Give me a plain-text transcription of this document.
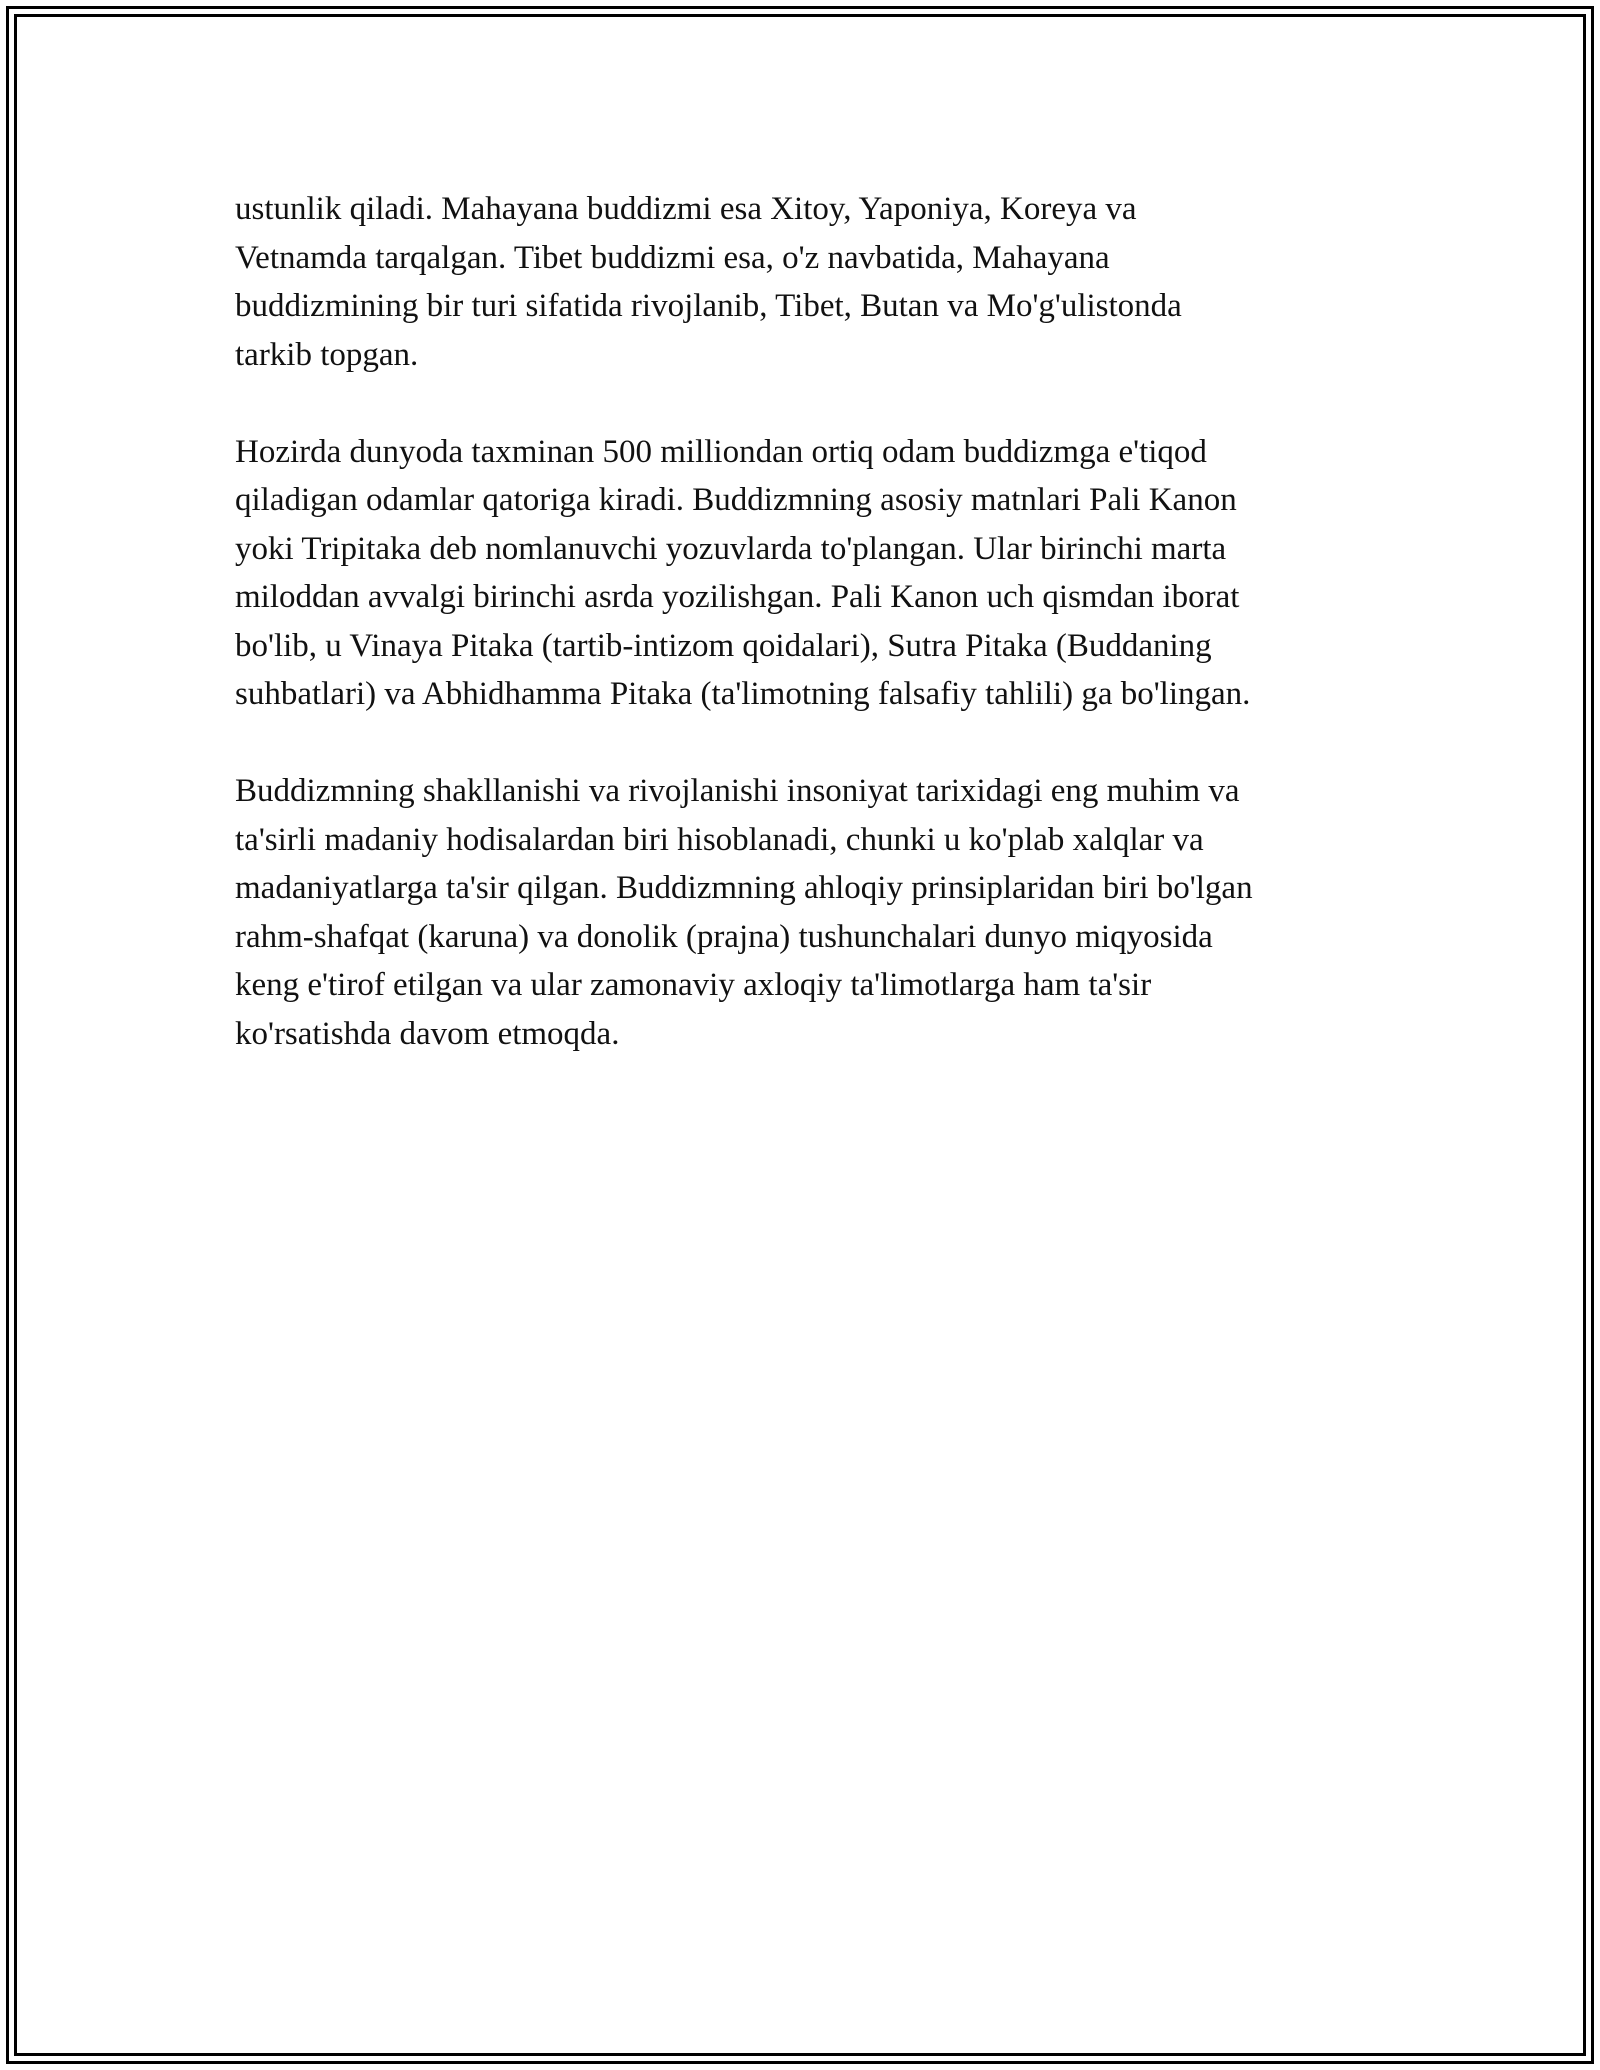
ustunlik qiladi. Mahayana buddizmi esa Xitoy, Yaponiya, Koreya va
Vetnamda tarqalgan. Tibet buddizmi esa, o'z navbatida, Mahayana
buddizmining bir turi sifatida rivojlanib, Tibet, Butan va Mo'g'ulistonda
tarkib topgan.

Hozirda dunyoda taxminan 500 milliondan ortiq odam buddizmga e'tiqod
qiladigan odamlar qatoriga kiradi. Buddizmning asosiy matnlari Pali Kanon
yoki Tripitaka deb nomlanuvchi yozuvlarda to'plangan. Ular birinchi marta
miloddan avvalgi birinchi asrda yozilishgan. Pali Kanon uch qismdan iborat
bo'lib, u Vinaya Pitaka (tartib-intizom qoidalari), Sutra Pitaka (Buddaning
suhbatlari) va Abhidhamma Pitaka (ta'limotning falsafiy tahlili) ga bo'lingan.

Buddizmning shakllanishi va rivojlanishi insoniyat tarixidagi eng muhim va
ta'sirli madaniy hodisalardan biri hisoblanadi, chunki u ko'plab xalqlar va
madaniyatlarga ta'sir qilgan. Buddizmning ahloqiy prinsiplaridan biri bo'lgan
rahm-shafqat (karuna) va donolik (prajna) tushunchalari dunyo miqyosida
keng e'tirof etilgan va ular zamonaviy axloqiy ta'limotlarga ham ta'sir
ko'rsatishda davom etmoqda.
